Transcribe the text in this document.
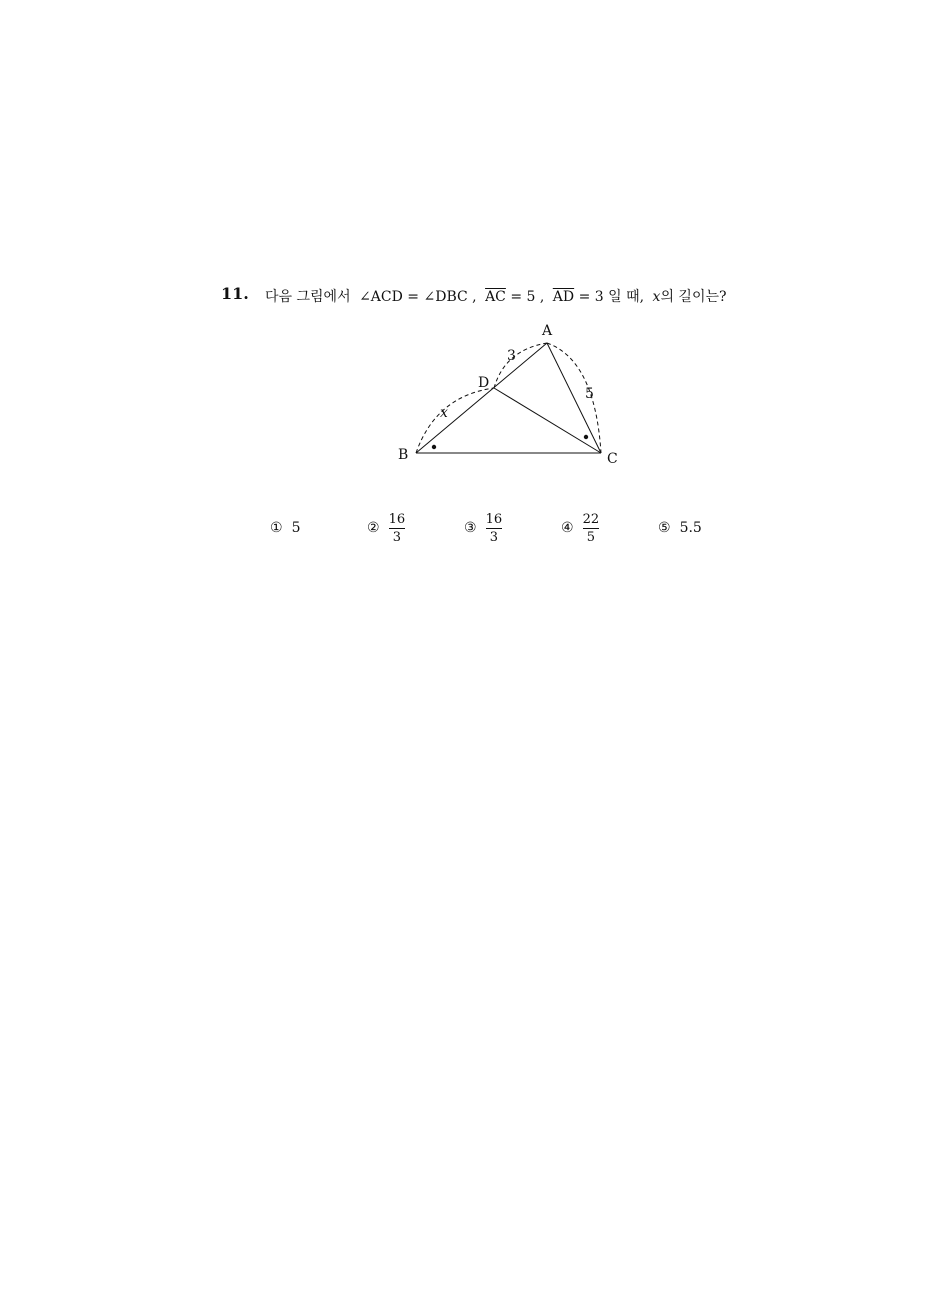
11. 다음 그림에서 ∠ACD = ∠DBC , $\overline{AC} = 5$ , $\overline{AD} = 3$ 일 때, x의 길이는?
A
B	C
D
3
5
x
① 5	② $\frac{16}{3}$	③ $\frac{16}{3}$	④ $\frac{22}{5}$	⑤ 5.5
